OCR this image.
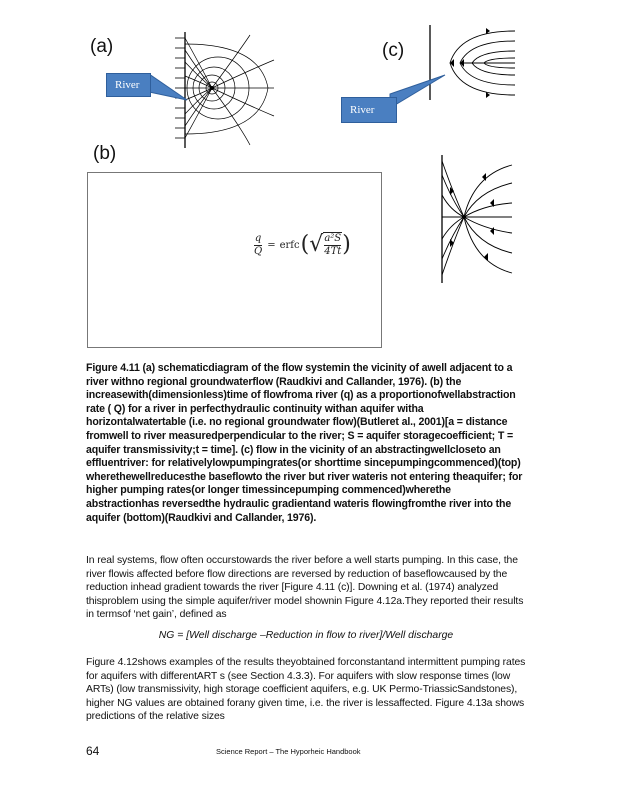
(a)	(c)
(b)
River
River
q
Q
	=	erfc	(	√	a²S
4Tt	)
Figure 4.11 (a) schematicdiagram of the flow systemin the vicinity of awell adjacent to a river withno regional groundwaterflow (Raudkivi and Callander, 1976). (b) the increasewith(dimensionless)time of flowfroma river (q) as a proportionofwellabstraction rate ( Q) for a river in perfecthydraulic continuity withan aquifer witha horizontalwatertable (i.e. no regional groundwater flow)(Butleret al., 2001)[a = distance fromwell to river measuredperpendicular to the river; S = aquifer storagecoefficient; T = aquifer transmissivity;t = time]. (c) flow in the vicinity of an abstractingwellcloseto an effluentriver: for relativelylowpumpingrates(or shorttime sincepumpingcommenced)(top) wherethewellreducesthe baseflowto the river but river wateris not entering theaquifer; for higher pumping rates(or longer timessincepumping commenced)wherethe abstractionhas reversedthe hydraulic gradientand wateris flowingfromthe river into the aquifer (bottom)(Raudkivi and Callander, 1976).
In real systems, flow often occurstowards the river before a well starts pumping. In this case, the river flowis affected before flow directions are reversed by reduction of baseflowcaused by the reduction inhead gradient towards the river [Figure 4.11 (c)]. Downing et al. (1974) analyzed thisproblem using the simple aquifer/river model shownin Figure 4.12a.They reported their results in termsof ‘net gain’, defined as
NG = [Well discharge –Reduction in flow to river]/Well discharge
Figure 4.12shows examples of the results theyobtained forconstantand intermittent pumping rates for aquifers with differentART s (see Section 4.3.3). For aquifers with slow response times (low ARTs) (low transmissivity, high storage coefficient aquifers, e.g. UK Permo-TriassicSandstones), higher NG values are obtained forany given time, i.e. the river is lessaffected. Figure 4.13a shows predictions of the relative sizes
64	Science Report – The Hyporheic Handbook
